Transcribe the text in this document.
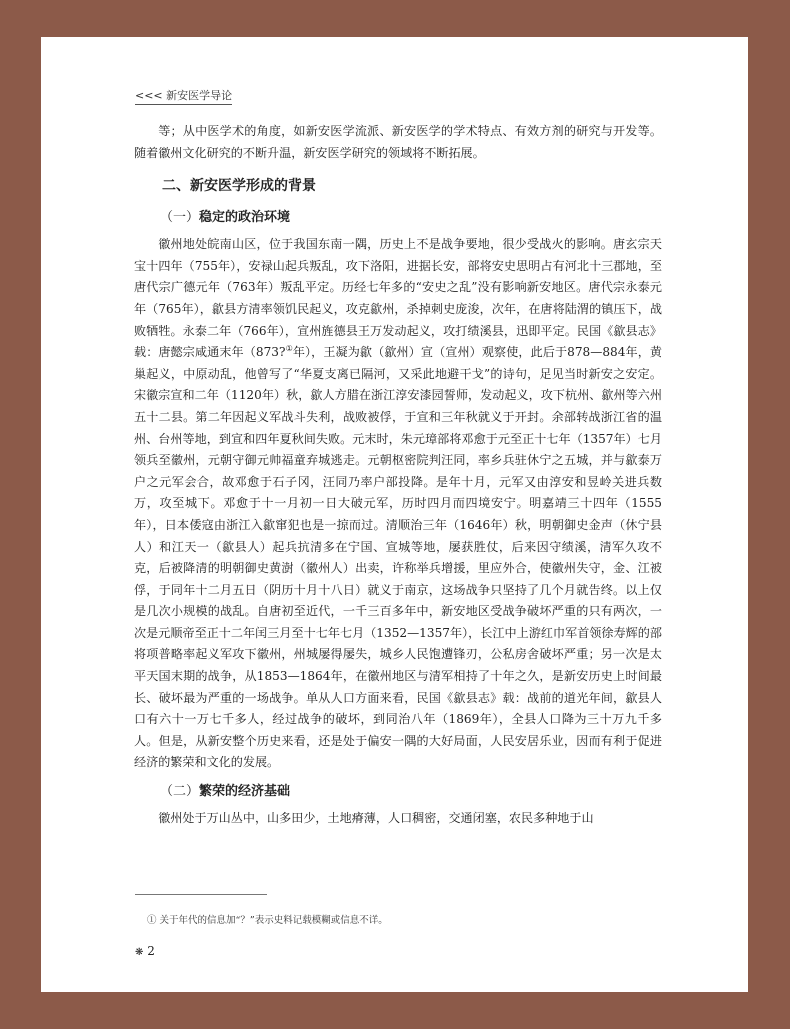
<<< 新安医学导论

等；从中医学术的角度，如新安医学流派、新安医学的学术特点、有效方剂的研究与开发等。随着徽州文化研究的不断升温，新安医学研究的领域将不断拓展。

二、新安医学形成的背景
（一）稳定的政治环境

徽州地处皖南山区，位于我国东南一隅，历史上不是战争要地，很少受战火的影响。唐玄宗天宝十四年（755年），安禄山起兵叛乱，攻下洛阳，进据长安，部将安史思明占有河北十三郡地，至唐代宗广德元年（763年）叛乱平定。历经七年多的“安史之乱”没有影响新安地区。唐代宗永泰元年（765年），歙县方清率领饥民起义，攻克歙州，杀掉刺史庞浚，次年，在唐将陆渭的镇压下，战败牺牲。永泰二年（766年），宣州旌德县王万发动起义，攻打绩溪县，迅即平定。民国《歙县志》载：唐懿宗咸通末年（873?①年），王凝为歙（歙州）宣（宣州）观察使，此后于878—884年，黄巢起义，中原动乱，他曾写了“华夏支离已隔河，又采此地避干戈”的诗句，足见当时新安之安定。宋徽宗宣和二年（1120年）秋，歙人方腊在浙江淳安漆园誓师，发动起义，攻下杭州、歙州等六州五十二县。第二年因起义军战斗失利，战败被俘，于宣和三年秋就义于开封。余部转战浙江省的温州、台州等地，到宣和四年夏秋间失败。元末时，朱元璋部将邓愈于元至正十七年（1357年）七月领兵至徽州，元朝守御元帅福童弃城逃走。元朝枢密院判汪同，率乡兵驻休宁之五城，并与歙泰万户之元军会合，故邓愈于石子冈，汪同乃率户部投降。是年十月，元军又由淳安和昱岭关进兵数万，攻至城下。邓愈于十一月初一日大破元军，历时四月而四境安宁。明嘉靖三十四年（1555年），日本倭寇由浙江入歙窜犯也是一掠而过。清顺治三年（1646年）秋，明朝御史金声（休宁县人）和江天一（歙县人）起兵抗清多在宁国、宣城等地，屡获胜仗，后来因守绩溪，清军久攻不克，后被降清的明朝御史黄澍（徽州人）出卖，许称举兵增援，里应外合，使徽州失守，金、江被俘，于同年十二月五日（阴历十月十八日）就义于南京，这场战争只坚持了几个月就告终。以上仅是几次小规模的战乱。自唐初至近代，一千三百多年中，新安地区受战争破坏严重的只有两次，一次是元顺帝至正十二年闰三月至十七年七月（1352—1357年），长江中上游红巾军首领徐寿辉的部将项普略率起义军攻下徽州，州城屡得屡失，城乡人民饱遭锋刃，公私房舍破坏严重；另一次是太平天国末期的战争，从1853—1864年，在徽州地区与清军相持了十年之久，是新安历史上时间最长、破坏最为严重的一场战争。单从人口方面来看，民国《歙县志》载：战前的道光年间，歙县人口有六十一万七千多人，经过战争的破坏，到同治八年（1869年），全县人口降为三十万九千多人。但是，从新安整个历史来看，还是处于偏安一隅的大好局面，人民安居乐业，因而有利于促进经济的繁荣和文化的发展。

（二）繁荣的经济基础

徽州处于万山丛中，山多田少，土地瘠薄，人口稠密，交通闭塞，农民多种地于山

① 关于年代的信息加“？”表示史料记载模糊或信息不详。
❋ 2
